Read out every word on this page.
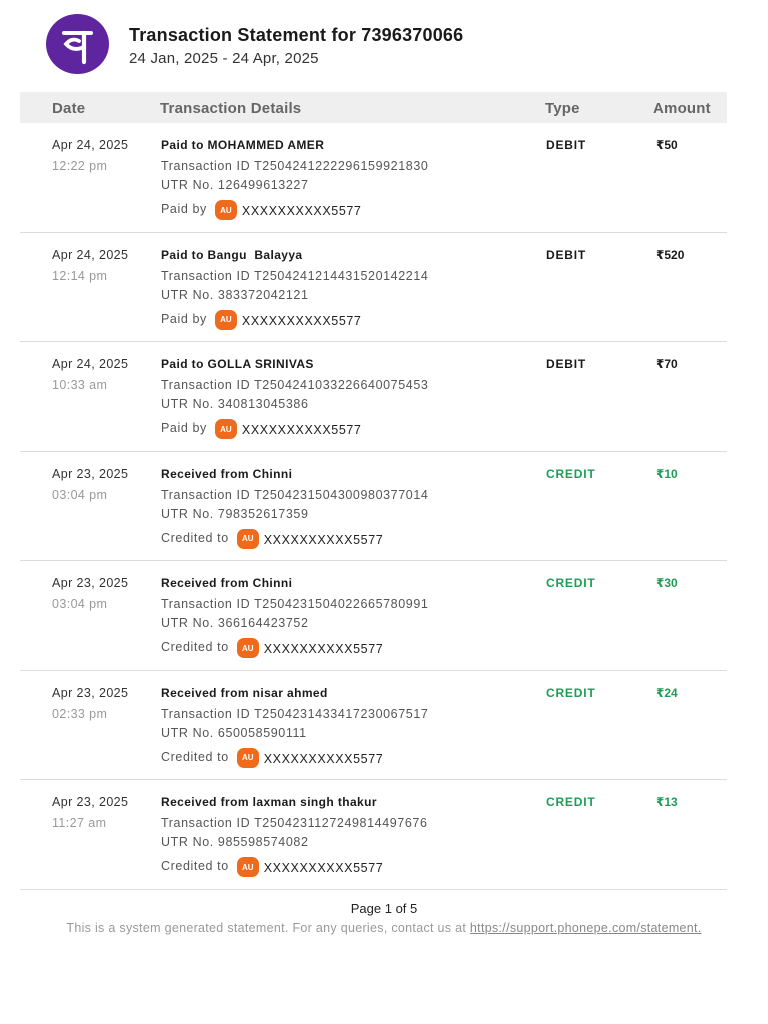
Transaction Statement for 7396370066
24 Jan, 2025 - 24 Apr, 2025
Date	Transaction Details	Type	Amount
Apr 24, 2025
12:22 pm
Paid to MOHAMMED AMER
Transaction ID T2504241222296159921830
UTR No. 126499613227
Paid by	AU XXXXXXXXXX5577
DEBIT	₹50
Apr 24, 2025
12:14 pm
Paid to Bangu  Balayya
Transaction ID T2504241214431520142214
UTR No. 383372042121
Paid by	AU XXXXXXXXXX5577
DEBIT	₹520
Apr 24, 2025
10:33 am
Paid to GOLLA SRINIVAS
Transaction ID T2504241033226640075453
UTR No. 340813045386
Paid by	AU XXXXXXXXXX5577
DEBIT	₹70
Apr 23, 2025
03:04 pm
Received from Chinni
Transaction ID T2504231504300980377014
UTR No. 798352617359
Credited to	AU XXXXXXXXXX5577
CREDIT	₹10
Apr 23, 2025
03:04 pm
Received from Chinni
Transaction ID T2504231504022665780991
UTR No. 366164423752
Credited to	AU XXXXXXXXXX5577
CREDIT	₹30
Apr 23, 2025
02:33 pm
Received from nisar ahmed
Transaction ID T2504231433417230067517
UTR No. 650058590111
Credited to	AU XXXXXXXXXX5577
CREDIT	₹24
Apr 23, 2025
11:27 am
Received from laxman singh thakur
Transaction ID T2504231127249814497676
UTR No. 985598574082
Credited to	AU XXXXXXXXXX5577
CREDIT	₹13
Page 1 of 5
This is a system generated statement. For any queries, contact us at https://support.phonepe.com/statement.
